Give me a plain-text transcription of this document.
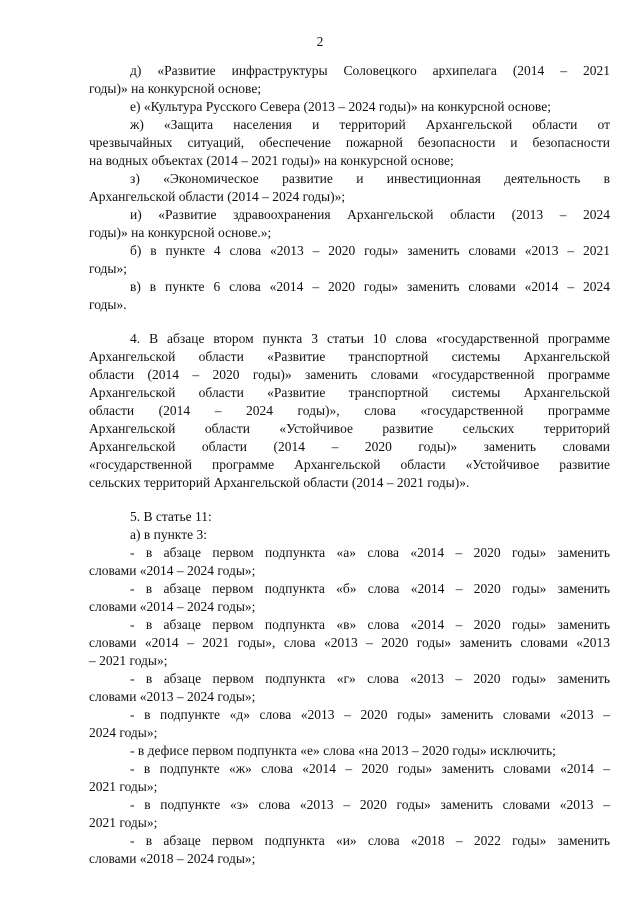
2
д) «Развитие инфраструктуры Соловецкого архипелага (2014 – 2021
годы)» на конкурсной основе;
е) «Культура Русского Севера (2013 – 2024 годы)» на конкурсной основе;
ж) «Защита населения и территорий Архангельской области от
чрезвычайных ситуаций, обеспечение пожарной безопасности и безопасности
на водных объектах (2014 – 2021 годы)» на конкурсной основе;
з) «Экономическое развитие и инвестиционная деятельность в
Архангельской области (2014 – 2024 годы)»;
и) «Развитие здравоохранения Архангельской области (2013 – 2024
годы)» на конкурсной основе.»;
б) в пункте 4 слова «2013 – 2020 годы» заменить словами «2013 – 2021
годы»;
в) в пункте 6 слова «2014 – 2020 годы» заменить словами «2014 – 2024
годы».
4. В абзаце втором пункта 3 статьи 10 слова «государственной программе
Архангельской области «Развитие транспортной системы Архангельской
области (2014 – 2020 годы)» заменить словами «государственной программе
Архангельской области «Развитие транспортной системы Архангельской
области (2014 – 2024 годы)», слова «государственной программе
Архангельской области «Устойчивое развитие сельских территорий
Архангельской области (2014 – 2020 годы)» заменить словами
«государственной программе Архангельской области «Устойчивое развитие
сельских территорий Архангельской области (2014 – 2021 годы)».
5. В статье 11:
а) в пункте 3:
- в абзаце первом подпункта «а» слова «2014 – 2020 годы» заменить
словами «2014 – 2024 годы»;
- в абзаце первом подпункта «б» слова «2014 – 2020 годы» заменить
словами «2014 – 2024 годы»;
- в абзаце первом подпункта «в» слова «2014 – 2020 годы» заменить
словами «2014 – 2021 годы», слова «2013 – 2020 годы» заменить словами «2013
– 2021 годы»;
- в абзаце первом подпункта «г» слова «2013 – 2020 годы» заменить
словами «2013 – 2024 годы»;
- в подпункте «д» слова «2013 – 2020 годы» заменить словами «2013 –
2024 годы»;
- в дефисе первом подпункта «е» слова «на 2013 – 2020 годы» исключить;
- в подпункте «ж» слова «2014 – 2020 годы» заменить словами «2014 –
2021 годы»;
- в подпункте «з» слова «2013 – 2020 годы» заменить словами «2013 –
2021 годы»;
- в абзаце первом подпункта «и» слова «2018 – 2022 годы» заменить
словами «2018 – 2024 годы»;
